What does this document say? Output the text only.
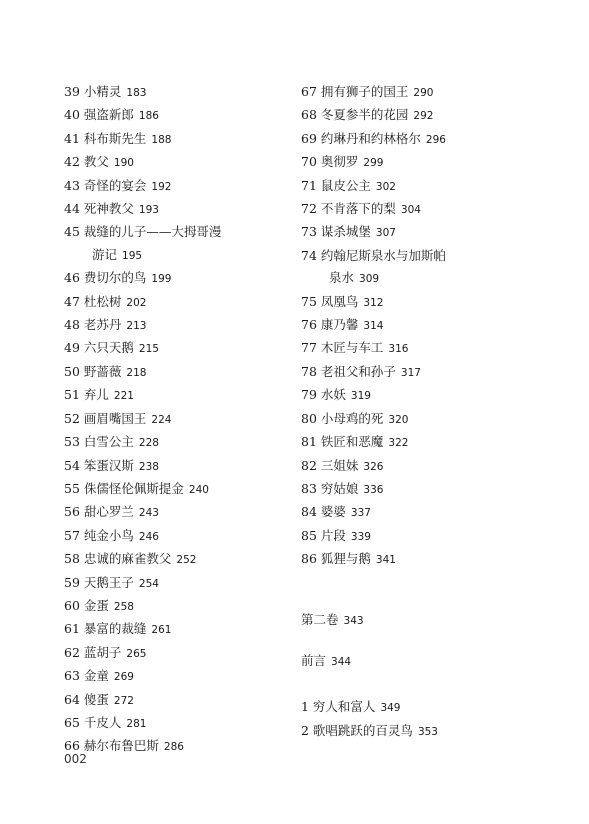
39 小精灵 183
40 强盗新郎 186
41 科布斯先生 188
42 教父 190
43 奇怪的宴会 192
44 死神教父 193
45 裁缝的儿子——大拇哥漫
游记 195
46 费切尔的鸟 199
47 杜松树 202
48 老苏丹 213
49 六只天鹅 215
50 野蔷薇 218
51 弃儿 221
52 画眉嘴国王 224
53 白雪公主 228
54 笨蛋汉斯 238
55 侏儒怪伦佩斯提金 240
56 甜心罗兰 243
57 纯金小鸟 246
58 忠诚的麻雀教父 252
59 天鹅王子 254
60 金蛋 258
61 暴富的裁缝 261
62 蓝胡子 265
63 金童 269
64 傻蛋 272
65 千皮人 281
66 赫尔布鲁巴斯 286
67 拥有狮子的国王 290
68 冬夏参半的花园 292
69 约琳丹和约林格尔 296
70 奥彻罗 299
71 鼠皮公主 302
72 不肯落下的梨 304
73 谋杀城堡 307
74 约翰尼斯泉水与加斯帕
泉水 309
75 凤凰鸟 312
76 康乃馨 314
77 木匠与车工 316
78 老祖父和孙子 317
79 水妖 319
80 小母鸡的死 320
81 铁匠和恶魔 322
82 三姐妹 326
83 穷姑娘 336
84 婆婆 337
85 片段 339
86 狐狸与鹅 341
第二卷 343
前言 344
1 穷人和富人 349
2 歌唱跳跃的百灵鸟 353
002
